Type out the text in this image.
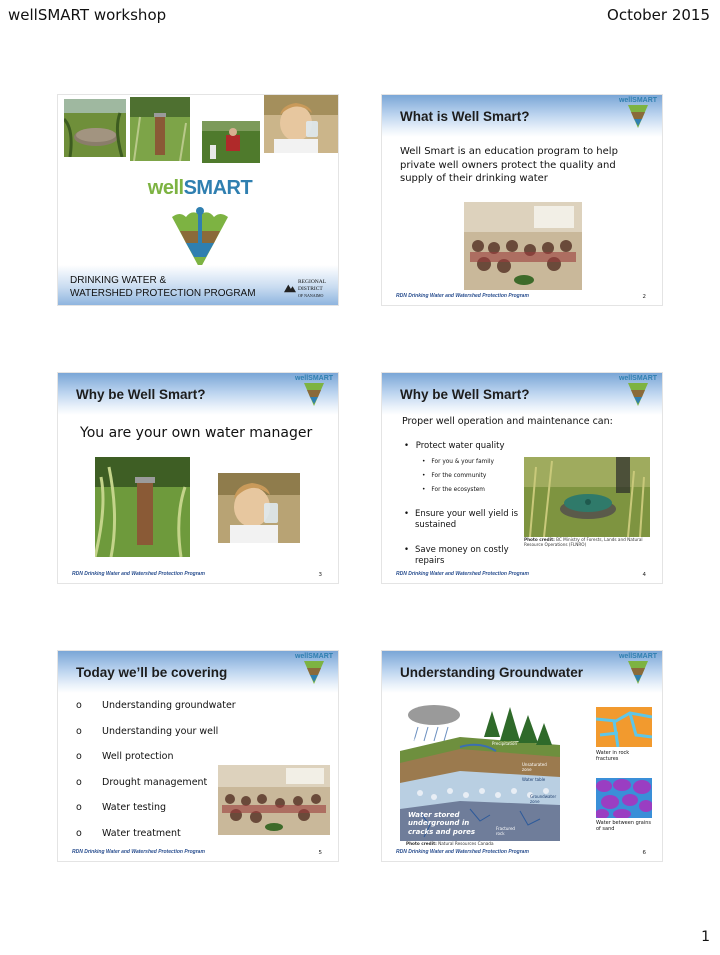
wellSMART workshop	October 2015
wellSMART
DRINKING WATER &
WATERSHED PROTECTION PROGRAM
REGIONAL
DISTRICT
OF NANAIMO
What is Well Smart?
wellSMART
Well Smart is an education program to help private well owners protect the quality and supply of their drinking water
RDN Drinking Water and Watershed Protection Program	2
Why be Well Smart?
wellSMART
You are your own water manager
RDN Drinking Water and Watershed Protection Program	3
Why be Well Smart?
wellSMART
Proper well operation and maintenance can:
• Protect water quality
• For you & your family
• For the community
• For the ecosystem
• Ensure your well yield is sustained
• Save money on costly repairs
Photo credit: BC Ministry of Forests, Lands and Natural Resource Operations (FLNRO)
RDN Drinking Water and Watershed Protection Program	4
Today we’ll be covering
wellSMART
o Understanding groundwater
o Understanding your well
o Well protection
o Drought management
o Water testing
o Water treatment
RDN Drinking Water and Watershed Protection Program	5
Understanding Groundwater
wellSMART
Infiltration
Precipitation
Unsaturated zone
Water table
Groundwater zone
Fractured rock
Water stored underground in cracks and pores
Water in rock fractures
Water between grains of sand
Photo credit: Natural Resources Canada
RDN Drinking Water and Watershed Protection Program	6
1
